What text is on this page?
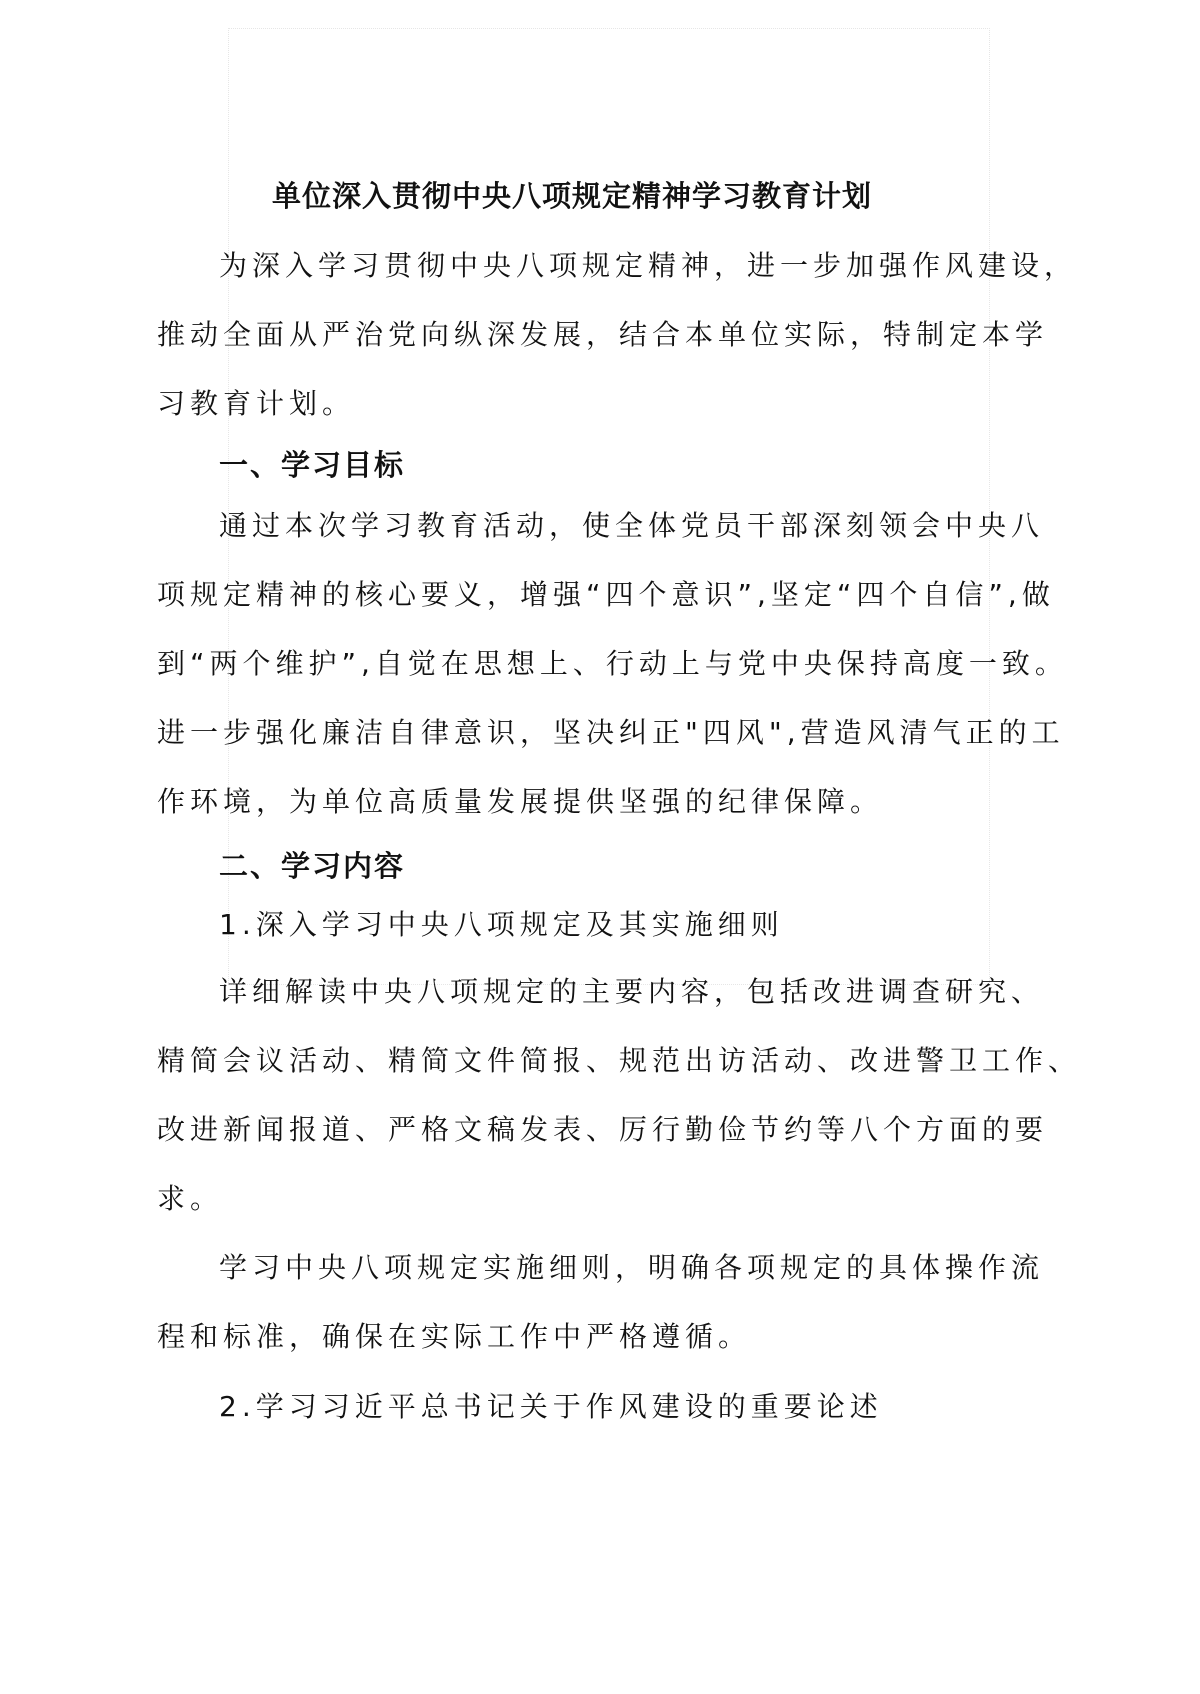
单位深入贯彻中央八项规定精神学习教育计划
为深入学习贯彻中央八项规定精神，进一步加强作风建设，
推动全面从严治党向纵深发展，结合本单位实际，特制定本学
习教育计划。
一、学习目标
通过本次学习教育活动，使全体党员干部深刻领会中央八
项规定精神的核心要义，增强“四个意识”,坚定“四个自信”,做
到“两个维护”,自觉在思想上、行动上与党中央保持高度一致。
进一步强化廉洁自律意识，坚决纠正"四风",营造风清气正的工
作环境，为单位高质量发展提供坚强的纪律保障。
二、学习内容
1.深入学习中央八项规定及其实施细则
详细解读中央八项规定的主要内容，包括改进调查研究、
精简会议活动、精简文件简报、规范出访活动、改进警卫工作、
改进新闻报道、严格文稿发表、厉行勤俭节约等八个方面的要
求。
学习中央八项规定实施细则，明确各项规定的具体操作流
程和标准，确保在实际工作中严格遵循。
2.学习习近平总书记关于作风建设的重要论述
